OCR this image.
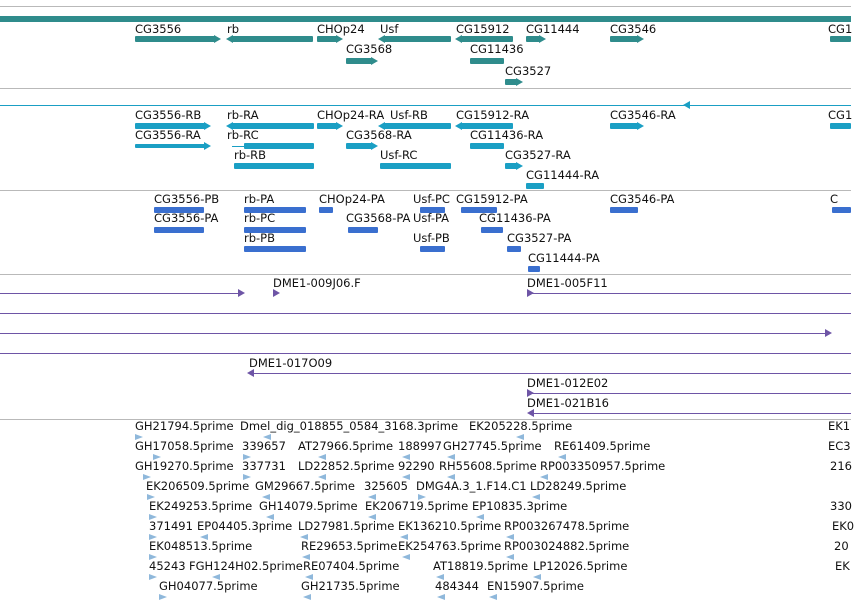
CG3556	rb	CHOp24 Usf	CG15912 CG11444	CG3546	CG1
CG3568	CG11436
CG3527
CG3556-RB rb-RA	CHOp24-RA Usf-RB CG15912-RA	CG3546-RA	CG1
CG3556-RA rb-RC	CG3568-RA	CG11436-RA
rb-RB	Usf-RC	CG3527-RA
CG11444-RA
CG3556-PB rb-PA	CHOp24-PA Usf-PC CG15912-PA	CG3546-PA	C
CG3556-PA rb-PC	CG3568-PA Usf-PA	CG11436-PA
rb-PB	Usf-PB	CG3527-PA
CG11444-PA
DME1-009J06.F	DME1-005F11
DME1-017O09
DME1-012E02
DME1-021B16
GH21794.5prime Dmel_dig_018855_0584_3168.3prime EK205228.5prime	EK1
GH17058.5prime 339657 AT27966.5prime 188997 GH27745.5prime RE61409.5prime	EC3
GH19270.5prime 337731 LD22852.5prime 92290 RH55608.5prime RP003350957.5prime	216
EK206509.5prime GM29667.5prime 325605 DMG4A.3_1.F14.C1 LD28249.5prime
EK249253.5prime GH14079.5prime EK206719.5prime EP10835.3prime	330
371491 EP04405.3prime LD27981.5prime EK136210.5prime RP003267478.5prime	EK0
EK048513.5prime	RE29653.5prime EK254763.5prime RP003024882.5prime	20
45243 FGH124H02.5prime RE07404.5prime	AT18819.5prime LP12026.5prime	EK
GH04077.5prime	GH21735.5prime	484344 EN15907.5prime
